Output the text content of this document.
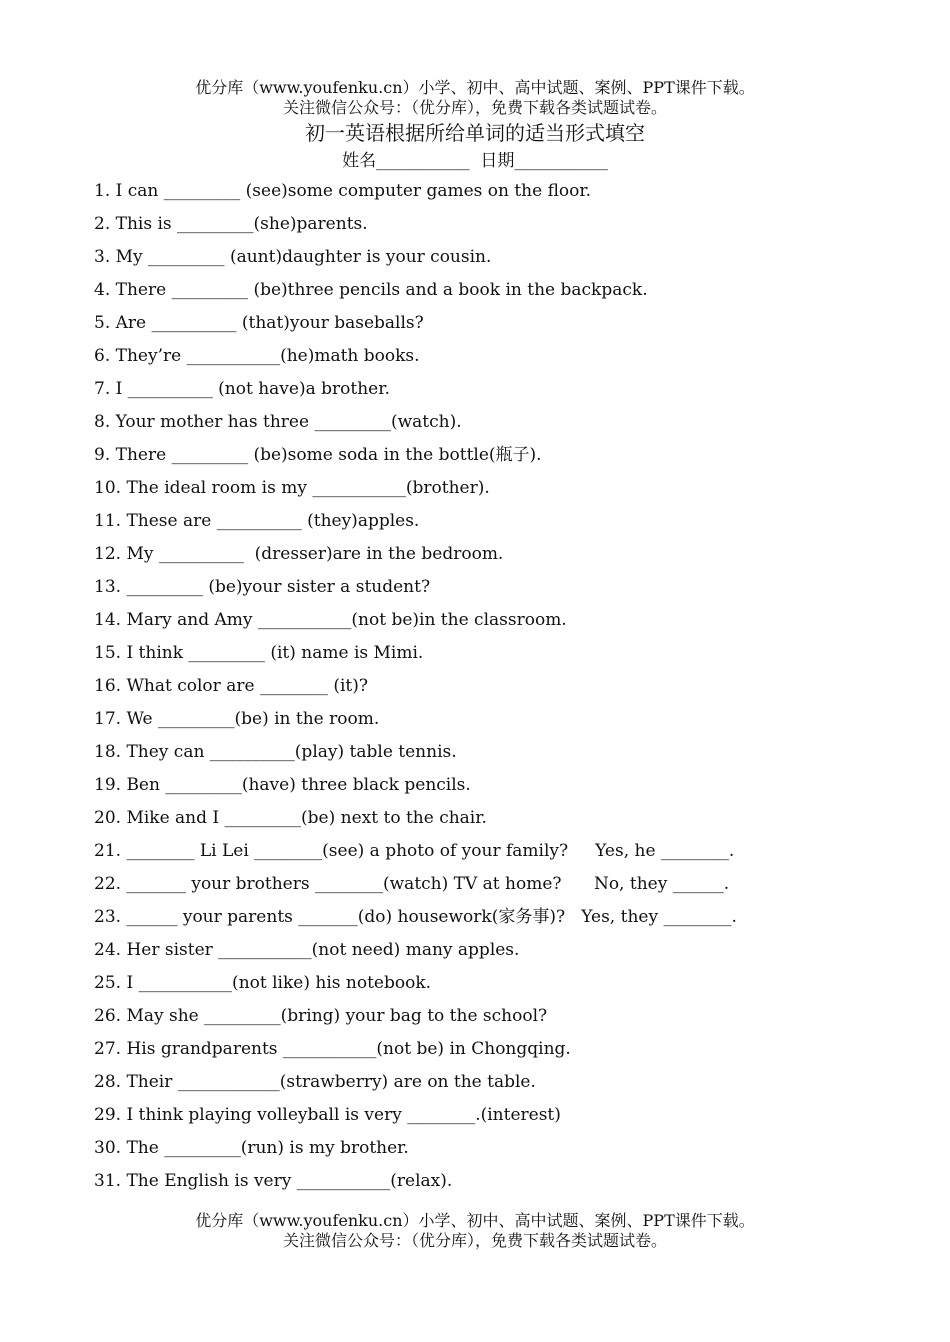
优分库（www.youfenku.cn）小学、初中、高中试题、案例、PPT课件下载。
关注微信公众号：（优分库），免费下载各类试题试卷。
初一英语根据所给单词的适当形式填空
姓名___________ 日期___________
1. I can _________ (see)some computer games on the floor.
2. This is _________(she)parents.
3. My _________ (aunt)daughter is your cousin.
4. There _________ (be)three pencils and a book in the backpack.
5. Are __________ (that)your baseballs?
6. They’re ___________(he)math books.
7. I __________ (not have)a brother.
8. Your mother has three _________(watch).
9. There _________ (be)some soda in the bottle(瓶子).
10. The ideal room is my ___________(brother).
11. These are __________ (they)apples.
12. My __________  (dresser)are in the bedroom.
13. _________ (be)your sister a student?
14. Mary and Amy ___________(not be)in the classroom.
15. I think _________ (it) name is Mimi.
16. What color are ________ (it)?
17. We _________(be) in the room.
18. They can __________(play) table tennis.
19. Ben _________(have) three black pencils.
20. Mike and I _________(be) next to the chair.
21. ________ Li Lei ________(see) a photo of your family?     Yes, he ________.
22. _______ your brothers ________(watch) TV at home?      No, they ______.
23. ______ your parents _______(do) housework(家务事)?   Yes, they ________.
24. Her sister ___________(not need) many apples.
25. I ___________(not like) his notebook.
26. May she _________(bring) your bag to the school?
27. His grandparents ___________(not be) in Chongqing.
28. Their ____________(strawberry) are on the table.
29. I think playing volleyball is very ________.(interest)
30. The _________(run) is my brother.
31. The English is very ___________(relax).
优分库（www.youfenku.cn）小学、初中、高中试题、案例、PPT课件下载。
关注微信公众号：（优分库），免费下载各类试题试卷。
